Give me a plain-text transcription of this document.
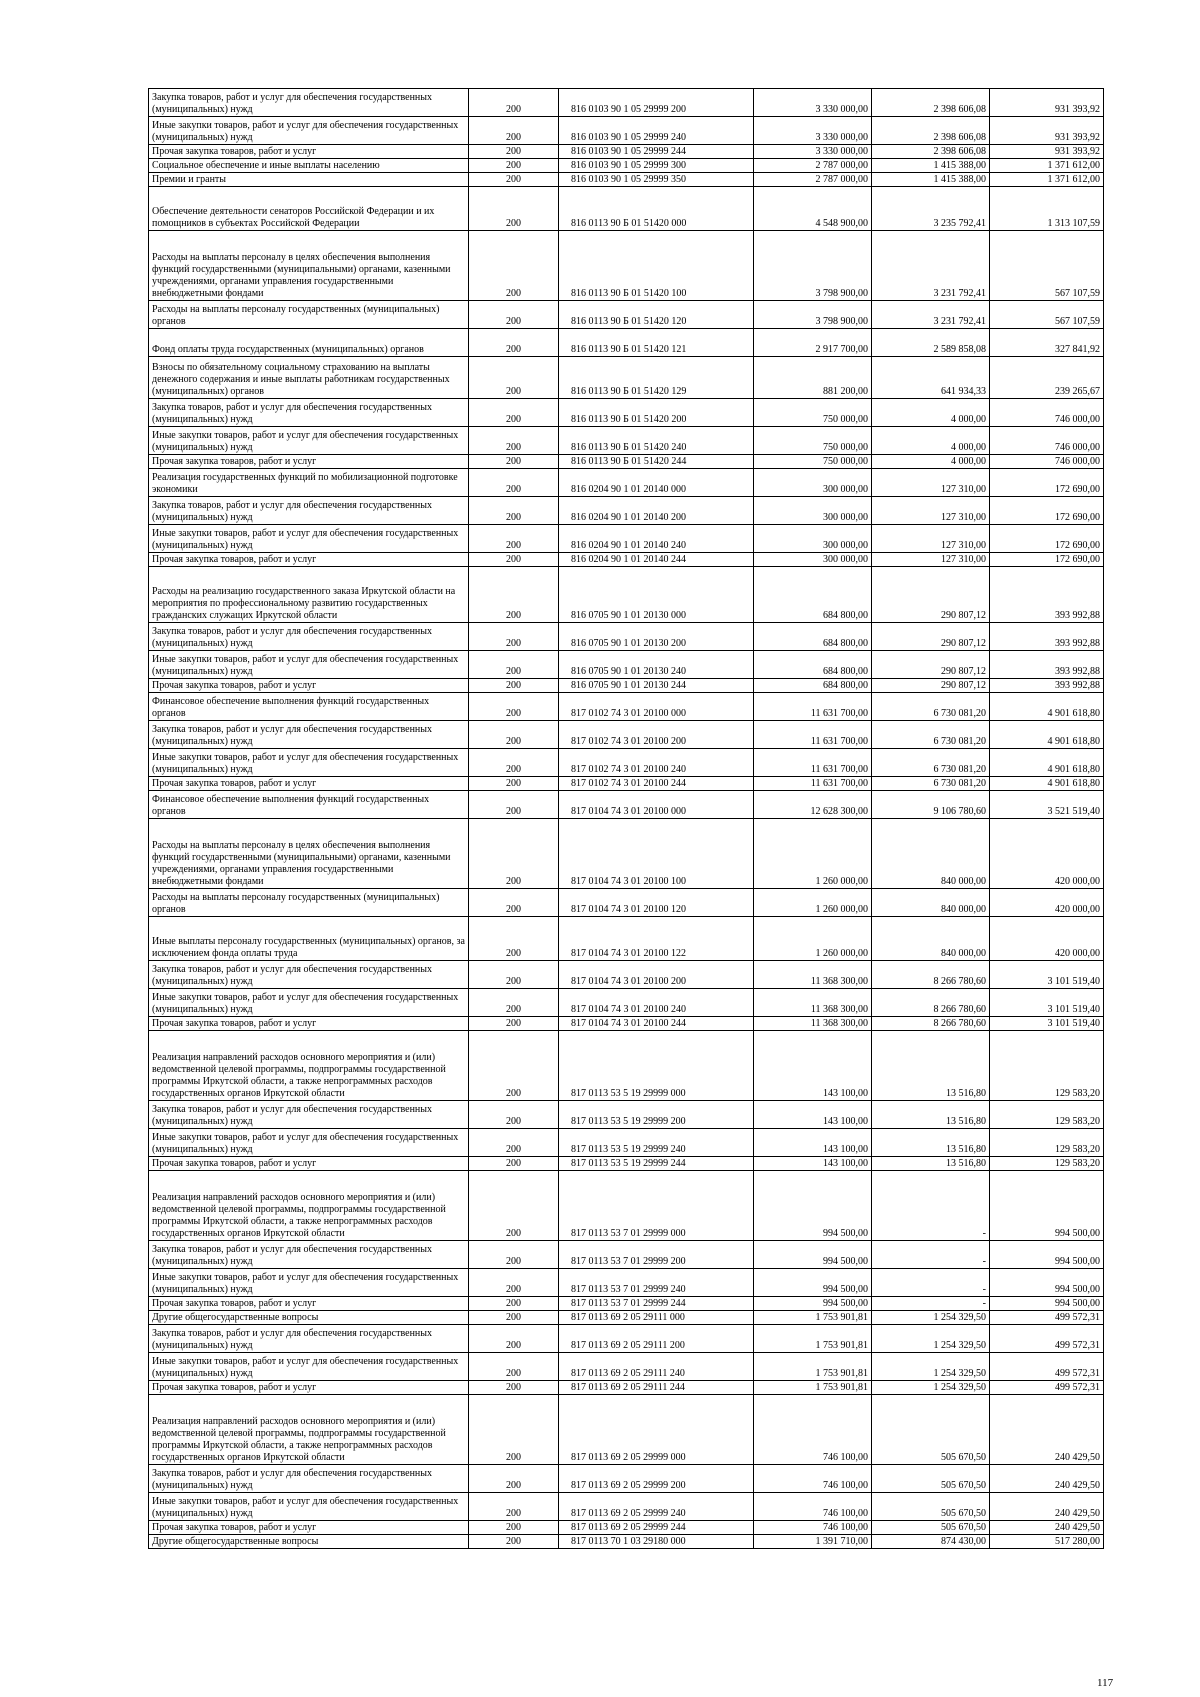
Закупка товаров, работ и услуг для обеспечения государственных (муниципальных) нужд	200	816 0103 90 1 05 29999 200	3 330 000,00	2 398 606,08	931 393,92
Иные закупки товаров, работ и услуг для обеспечения государственных (муниципальных) нужд	200	816 0103 90 1 05 29999 240	3 330 000,00	2 398 606,08	931 393,92
Прочая закупка товаров, работ и услуг	200	816 0103 90 1 05 29999 244	3 330 000,00	2 398 606,08	931 393,92
Социальное обеспечение и иные выплаты населению	200	816 0103 90 1 05 29999 300	2 787 000,00	1 415 388,00	1 371 612,00
Премии и гранты	200	816 0103 90 1 05 29999 350	2 787 000,00	1 415 388,00	1 371 612,00
Обеспечение деятельности сенаторов Российской Федерации и их помощников в субъектах Российской Федерации	200	816 0113 90 Б 01 51420 000	4 548 900,00	3 235 792,41	1 313 107,59
Расходы на выплаты персоналу в целях обеспечения выполнения функций государственными (муниципальными) органами, казенными учреждениями, органами управления государственными внебюджетными фондами	200	816 0113 90 Б 01 51420 100	3 798 900,00	3 231 792,41	567 107,59
Расходы на выплаты персоналу государственных (муниципальных) органов	200	816 0113 90 Б 01 51420 120	3 798 900,00	3 231 792,41	567 107,59
Фонд оплаты труда государственных (муниципальных) органов	200	816 0113 90 Б 01 51420 121	2 917 700,00	2 589 858,08	327 841,92
Взносы по обязательному социальному страхованию на выплаты денежного содержания и иные выплаты работникам государственных (муниципальных) органов	200	816 0113 90 Б 01 51420 129	881 200,00	641 934,33	239 265,67
Закупка товаров, работ и услуг для обеспечения государственных (муниципальных) нужд	200	816 0113 90 Б 01 51420 200	750 000,00	4 000,00	746 000,00
Иные закупки товаров, работ и услуг для обеспечения государственных (муниципальных) нужд	200	816 0113 90 Б 01 51420 240	750 000,00	4 000,00	746 000,00
Прочая закупка товаров, работ и услуг	200	816 0113 90 Б 01 51420 244	750 000,00	4 000,00	746 000,00
Реализация государственных функций по мобилизационной подготовке экономики	200	816 0204 90 1 01 20140 000	300 000,00	127 310,00	172 690,00
Закупка товаров, работ и услуг для обеспечения государственных (муниципальных) нужд	200	816 0204 90 1 01 20140 200	300 000,00	127 310,00	172 690,00
Иные закупки товаров, работ и услуг для обеспечения государственных (муниципальных) нужд	200	816 0204 90 1 01 20140 240	300 000,00	127 310,00	172 690,00
Прочая закупка товаров, работ и услуг	200	816 0204 90 1 01 20140 244	300 000,00	127 310,00	172 690,00
Расходы на реализацию государственного заказа Иркутской области на мероприятия по профессиональному развитию государственных гражданских служащих Иркутской области	200	816 0705 90 1 01 20130 000	684 800,00	290 807,12	393 992,88
Закупка товаров, работ и услуг для обеспечения государственных (муниципальных) нужд	200	816 0705 90 1 01 20130 200	684 800,00	290 807,12	393 992,88
Иные закупки товаров, работ и услуг для обеспечения государственных (муниципальных) нужд	200	816 0705 90 1 01 20130 240	684 800,00	290 807,12	393 992,88
Прочая закупка товаров, работ и услуг	200	816 0705 90 1 01 20130 244	684 800,00	290 807,12	393 992,88
Финансовое обеспечение выполнения функций государственных органов	200	817 0102 74 3 01 20100 000	11 631 700,00	6 730 081,20	4 901 618,80
Закупка товаров, работ и услуг для обеспечения государственных (муниципальных) нужд	200	817 0102 74 3 01 20100 200	11 631 700,00	6 730 081,20	4 901 618,80
Иные закупки товаров, работ и услуг для обеспечения государственных (муниципальных) нужд	200	817 0102 74 3 01 20100 240	11 631 700,00	6 730 081,20	4 901 618,80
Прочая закупка товаров, работ и услуг	200	817 0102 74 3 01 20100 244	11 631 700,00	6 730 081,20	4 901 618,80
Финансовое обеспечение выполнения функций государственных органов	200	817 0104 74 3 01 20100 000	12 628 300,00	9 106 780,60	3 521 519,40
Расходы на выплаты персоналу в целях обеспечения выполнения функций государственными (муниципальными) органами, казенными учреждениями, органами управления государственными внебюджетными фондами	200	817 0104 74 3 01 20100 100	1 260 000,00	840 000,00	420 000,00
Расходы на выплаты персоналу государственных (муниципальных) органов	200	817 0104 74 3 01 20100 120	1 260 000,00	840 000,00	420 000,00
Иные выплаты персоналу государственных (муниципальных) органов, за исключением фонда оплаты труда	200	817 0104 74 3 01 20100 122	1 260 000,00	840 000,00	420 000,00
Закупка товаров, работ и услуг для обеспечения государственных (муниципальных) нужд	200	817 0104 74 3 01 20100 200	11 368 300,00	8 266 780,60	3 101 519,40
Иные закупки товаров, работ и услуг для обеспечения государственных (муниципальных) нужд	200	817 0104 74 3 01 20100 240	11 368 300,00	8 266 780,60	3 101 519,40
Прочая закупка товаров, работ и услуг	200	817 0104 74 3 01 20100 244	11 368 300,00	8 266 780,60	3 101 519,40
Реализация направлений расходов основного мероприятия и (или) ведомственной целевой программы, подпрограммы государственной программы Иркутской области, а также непрограммных расходов государственных органов Иркутской области	200	817 0113 53 5 19 29999 000	143 100,00	13 516,80	129 583,20
Закупка товаров, работ и услуг для обеспечения государственных (муниципальных) нужд	200	817 0113 53 5 19 29999 200	143 100,00	13 516,80	129 583,20
Иные закупки товаров, работ и услуг для обеспечения государственных (муниципальных) нужд	200	817 0113 53 5 19 29999 240	143 100,00	13 516,80	129 583,20
Прочая закупка товаров, работ и услуг	200	817 0113 53 5 19 29999 244	143 100,00	13 516,80	129 583,20
Реализация направлений расходов основного мероприятия и (или) ведомственной целевой программы, подпрограммы государственной программы Иркутской области, а также непрограммных расходов государственных органов Иркутской области	200	817 0113 53 7 01 29999 000	994 500,00	-	994 500,00
Закупка товаров, работ и услуг для обеспечения государственных (муниципальных) нужд	200	817 0113 53 7 01 29999 200	994 500,00	-	994 500,00
Иные закупки товаров, работ и услуг для обеспечения государственных (муниципальных) нужд	200	817 0113 53 7 01 29999 240	994 500,00	-	994 500,00
Прочая закупка товаров, работ и услуг	200	817 0113 53 7 01 29999 244	994 500,00	-	994 500,00
Другие общегосударственные вопросы	200	817 0113 69 2 05 29111 000	1 753 901,81	1 254 329,50	499 572,31
Закупка товаров, работ и услуг для обеспечения государственных (муниципальных) нужд	200	817 0113 69 2 05 29111 200	1 753 901,81	1 254 329,50	499 572,31
Иные закупки товаров, работ и услуг для обеспечения государственных (муниципальных) нужд	200	817 0113 69 2 05 29111 240	1 753 901,81	1 254 329,50	499 572,31
Прочая закупка товаров, работ и услуг	200	817 0113 69 2 05 29111 244	1 753 901,81	1 254 329,50	499 572,31
Реализация направлений расходов основного мероприятия и (или) ведомственной целевой программы, подпрограммы государственной программы Иркутской области, а также непрограммных расходов государственных органов Иркутской области	200	817 0113 69 2 05 29999 000	746 100,00	505 670,50	240 429,50
Закупка товаров, работ и услуг для обеспечения государственных (муниципальных) нужд	200	817 0113 69 2 05 29999 200	746 100,00	505 670,50	240 429,50
Иные закупки товаров, работ и услуг для обеспечения государственных (муниципальных) нужд	200	817 0113 69 2 05 29999 240	746 100,00	505 670,50	240 429,50
Прочая закупка товаров, работ и услуг	200	817 0113 69 2 05 29999 244	746 100,00	505 670,50	240 429,50
Другие общегосударственные вопросы	200	817 0113 70 1 03 29180 000	1 391 710,00	874 430,00	517 280,00
117
